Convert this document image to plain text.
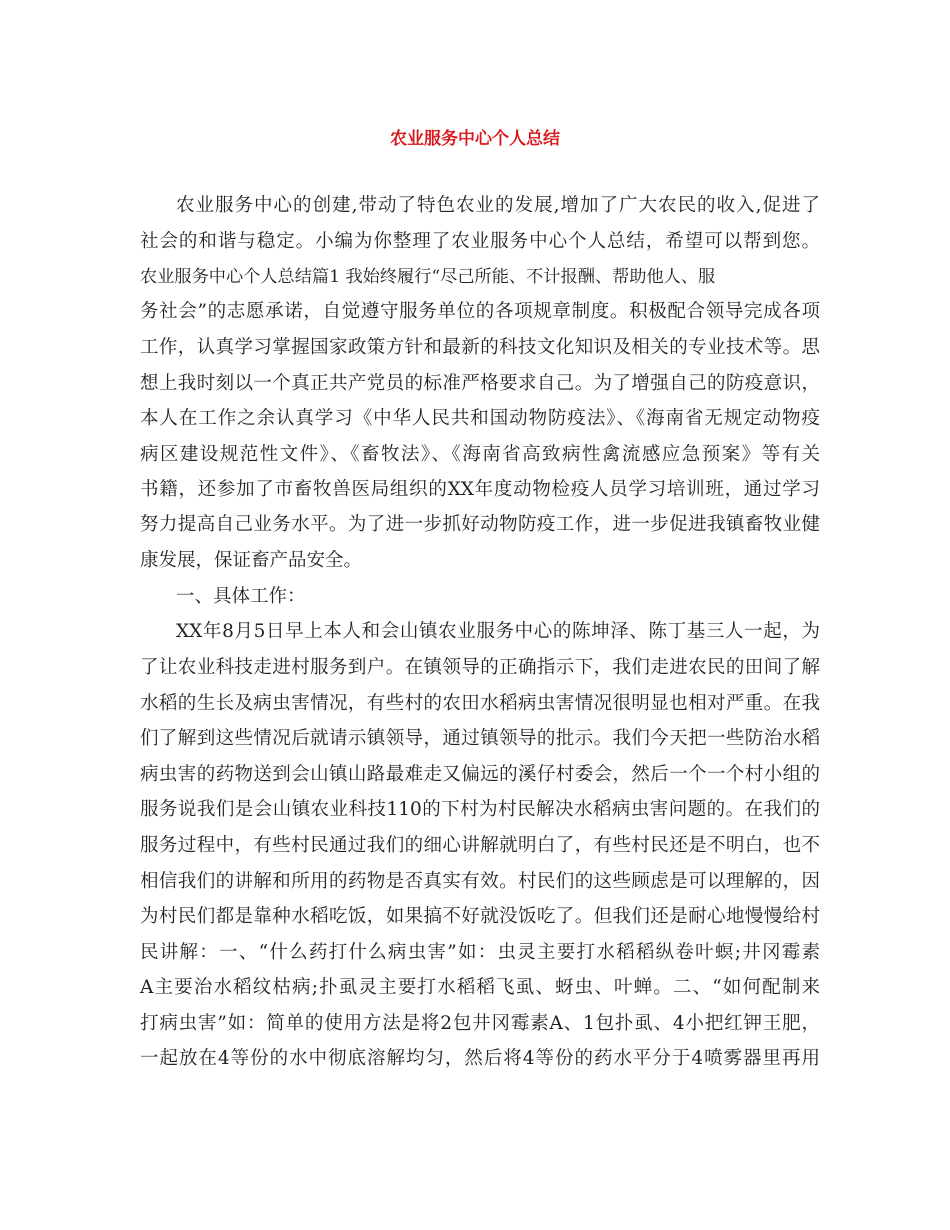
农业服务中心个人总结
农业服务中心的创建,带动了特色农业的发展,增加了广大农民的收入,促进了
社会的和谐与稳定。小编为你整理了农业服务中心个人总结，希望可以帮到您。
农业服务中心个人总结篇1 我始终履行“尽己所能、不计报酬、帮助他人、服
务社会”的志愿承诺，自觉遵守服务单位的各项规章制度。积极配合领导完成各项
工作，认真学习掌握国家政策方针和最新的科技文化知识及相关的专业技术等。思
想上我时刻以一个真正共产党员的标准严格要求自己。为了增强自己的防疫意识，
本人在工作之余认真学习《中华人民共和国动物防疫法》、《海南省无规定动物疫
病区建设规范性文件》、《畜牧法》、《海南省高致病性禽流感应急预案》等有关
书籍，还参加了市畜牧兽医局组织的XX年度动物检疫人员学习培训班，通过学习
努力提高自己业务水平。为了进一步抓好动物防疫工作，进一步促进我镇畜牧业健
康发展，保证畜产品安全。
一、具体工作：
XX年8月5日早上本人和会山镇农业服务中心的陈坤泽、陈丁基三人一起，为
了让农业科技走进村服务到户。在镇领导的正确指示下，我们走进农民的田间了解
水稻的生长及病虫害情况，有些村的农田水稻病虫害情况很明显也相对严重。在我
们了解到这些情况后就请示镇领导，通过镇领导的批示。我们今天把一些防治水稻
病虫害的药物送到会山镇山路最难走又偏远的溪仔村委会，然后一个一个村小组的
服务说我们是会山镇农业科技110的下村为村民解决水稻病虫害问题的。在我们的
服务过程中，有些村民通过我们的细心讲解就明白了，有些村民还是不明白，也不
相信我们的讲解和所用的药物是否真实有效。村民们的这些顾虑是可以理解的，因
为村民们都是靠种水稻吃饭，如果搞不好就没饭吃了。但我们还是耐心地慢慢给村
民讲解：一、“什么药打什么病虫害”如：虫灵主要打水稻稻纵卷叶螟;井冈霉素
A主要治水稻纹枯病;扑虱灵主要打水稻稻飞虱、蚜虫、叶蝉。二、“如何配制来
打病虫害”如：简单的使用方法是将2包井冈霉素A、1包扑虱、4小把红钾王肥，
一起放在4等份的水中彻底溶解均匀，然后将4等份的药水平分于4喷雾器里再用
